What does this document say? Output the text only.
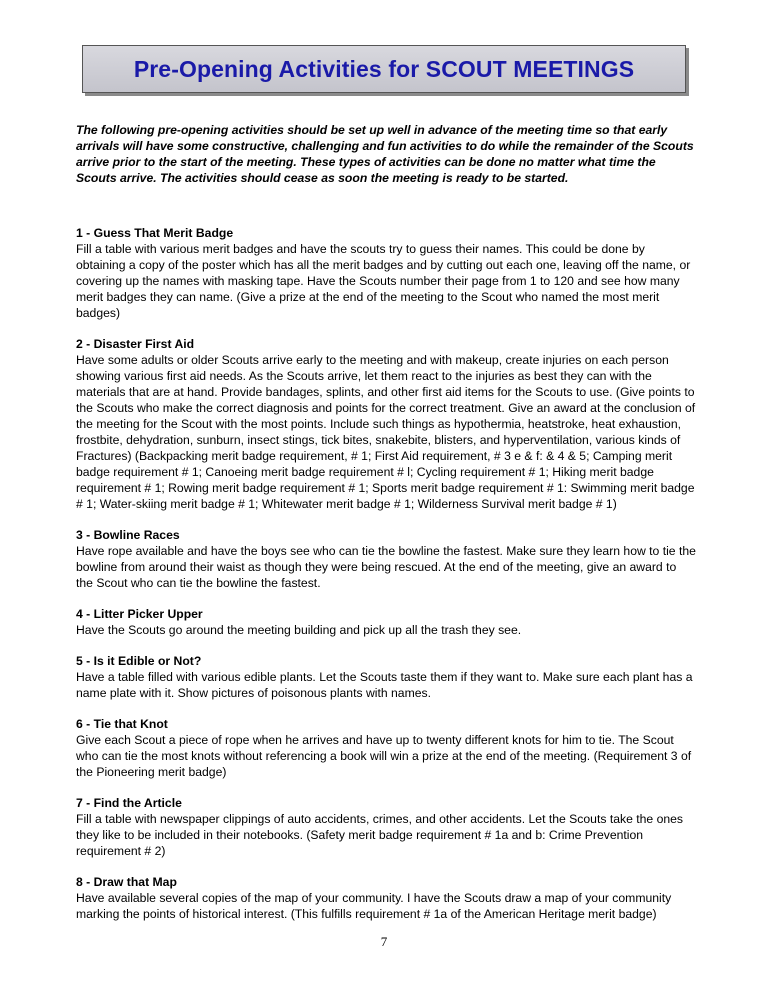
Pre-Opening Activities for SCOUT MEETINGS

The following pre-opening activities should be set up well in advance of the meeting time so that early arrivals will have some constructive, challenging and fun activities to do while the remainder of the Scouts arrive prior to the start of the meeting. These types of activities can be done no matter what time the Scouts arrive. The activities should cease as soon the meeting is ready to be started.

1 - Guess That Merit Badge
Fill a table with various merit badges and have the scouts try to guess their names. This could be done by obtaining a copy of the poster which has all the merit badges and by cutting out each one, leaving off the name, or covering up the names with masking tape. Have the Scouts number their page from 1 to 120 and see how many merit badges they can name. (Give a prize at the end of the meeting to the Scout who named the most merit badges)
2 - Disaster First Aid
Have some adults or older Scouts arrive early to the meeting and with makeup, create injuries on each person showing various first aid needs. As the Scouts arrive, let them react to the injuries as best they can with the materials that are at hand. Provide bandages, splints, and other first aid items for the Scouts to use. (Give points to the Scouts who make the correct diagnosis and points for the correct treatment. Give an award at the conclusion of the meeting for the Scout with the most points. Include such things as hypothermia, heatstroke, heat exhaustion, frostbite, dehydration, sunburn, insect stings, tick bites, snakebite, blisters, and hyperventilation, various kinds of Fractures) (Backpacking merit badge requirement, # 1; First Aid requirement, # 3 e & f: & 4 & 5; Camping merit badge requirement # 1; Canoeing merit badge requirement # l; Cycling requirement # 1; Hiking merit badge requirement # 1; Rowing merit badge requirement # 1; Sports merit badge requirement # 1: Swimming merit badge # 1; Water-skiing merit badge # 1; Whitewater merit badge # 1; Wilderness Survival merit badge # 1)
3 - Bowline Races
Have rope available and have the boys see who can tie the bowline the fastest. Make sure they learn how to tie the bowline from around their waist as though they were being rescued. At the end of the meeting, give an award to the Scout who can tie the bowline the fastest.
4 - Litter Picker Upper
Have the Scouts go around the meeting building and pick up all the trash they see.
5 - Is it Edible or Not?
Have a table filled with various edible plants. Let the Scouts taste them if they want to. Make sure each plant has a name plate with it. Show pictures of poisonous plants with names.
6 - Tie that Knot
Give each Scout a piece of rope when he arrives and have up to twenty different knots for him to tie. The Scout who can tie the most knots without referencing a book will win a prize at the end of the meeting. (Requirement 3 of the Pioneering merit badge)
7 - Find the Article
Fill a table with newspaper clippings of auto accidents, crimes, and other accidents. Let the Scouts take the ones they like to be included in their notebooks. (Safety merit badge requirement # 1a and b: Crime Prevention requirement # 2)
8 - Draw that Map
Have available several copies of the map of your community. I have the Scouts draw a map of your community marking the points of historical interest. (This fulfills requirement # 1a of the American Heritage merit badge)
7
